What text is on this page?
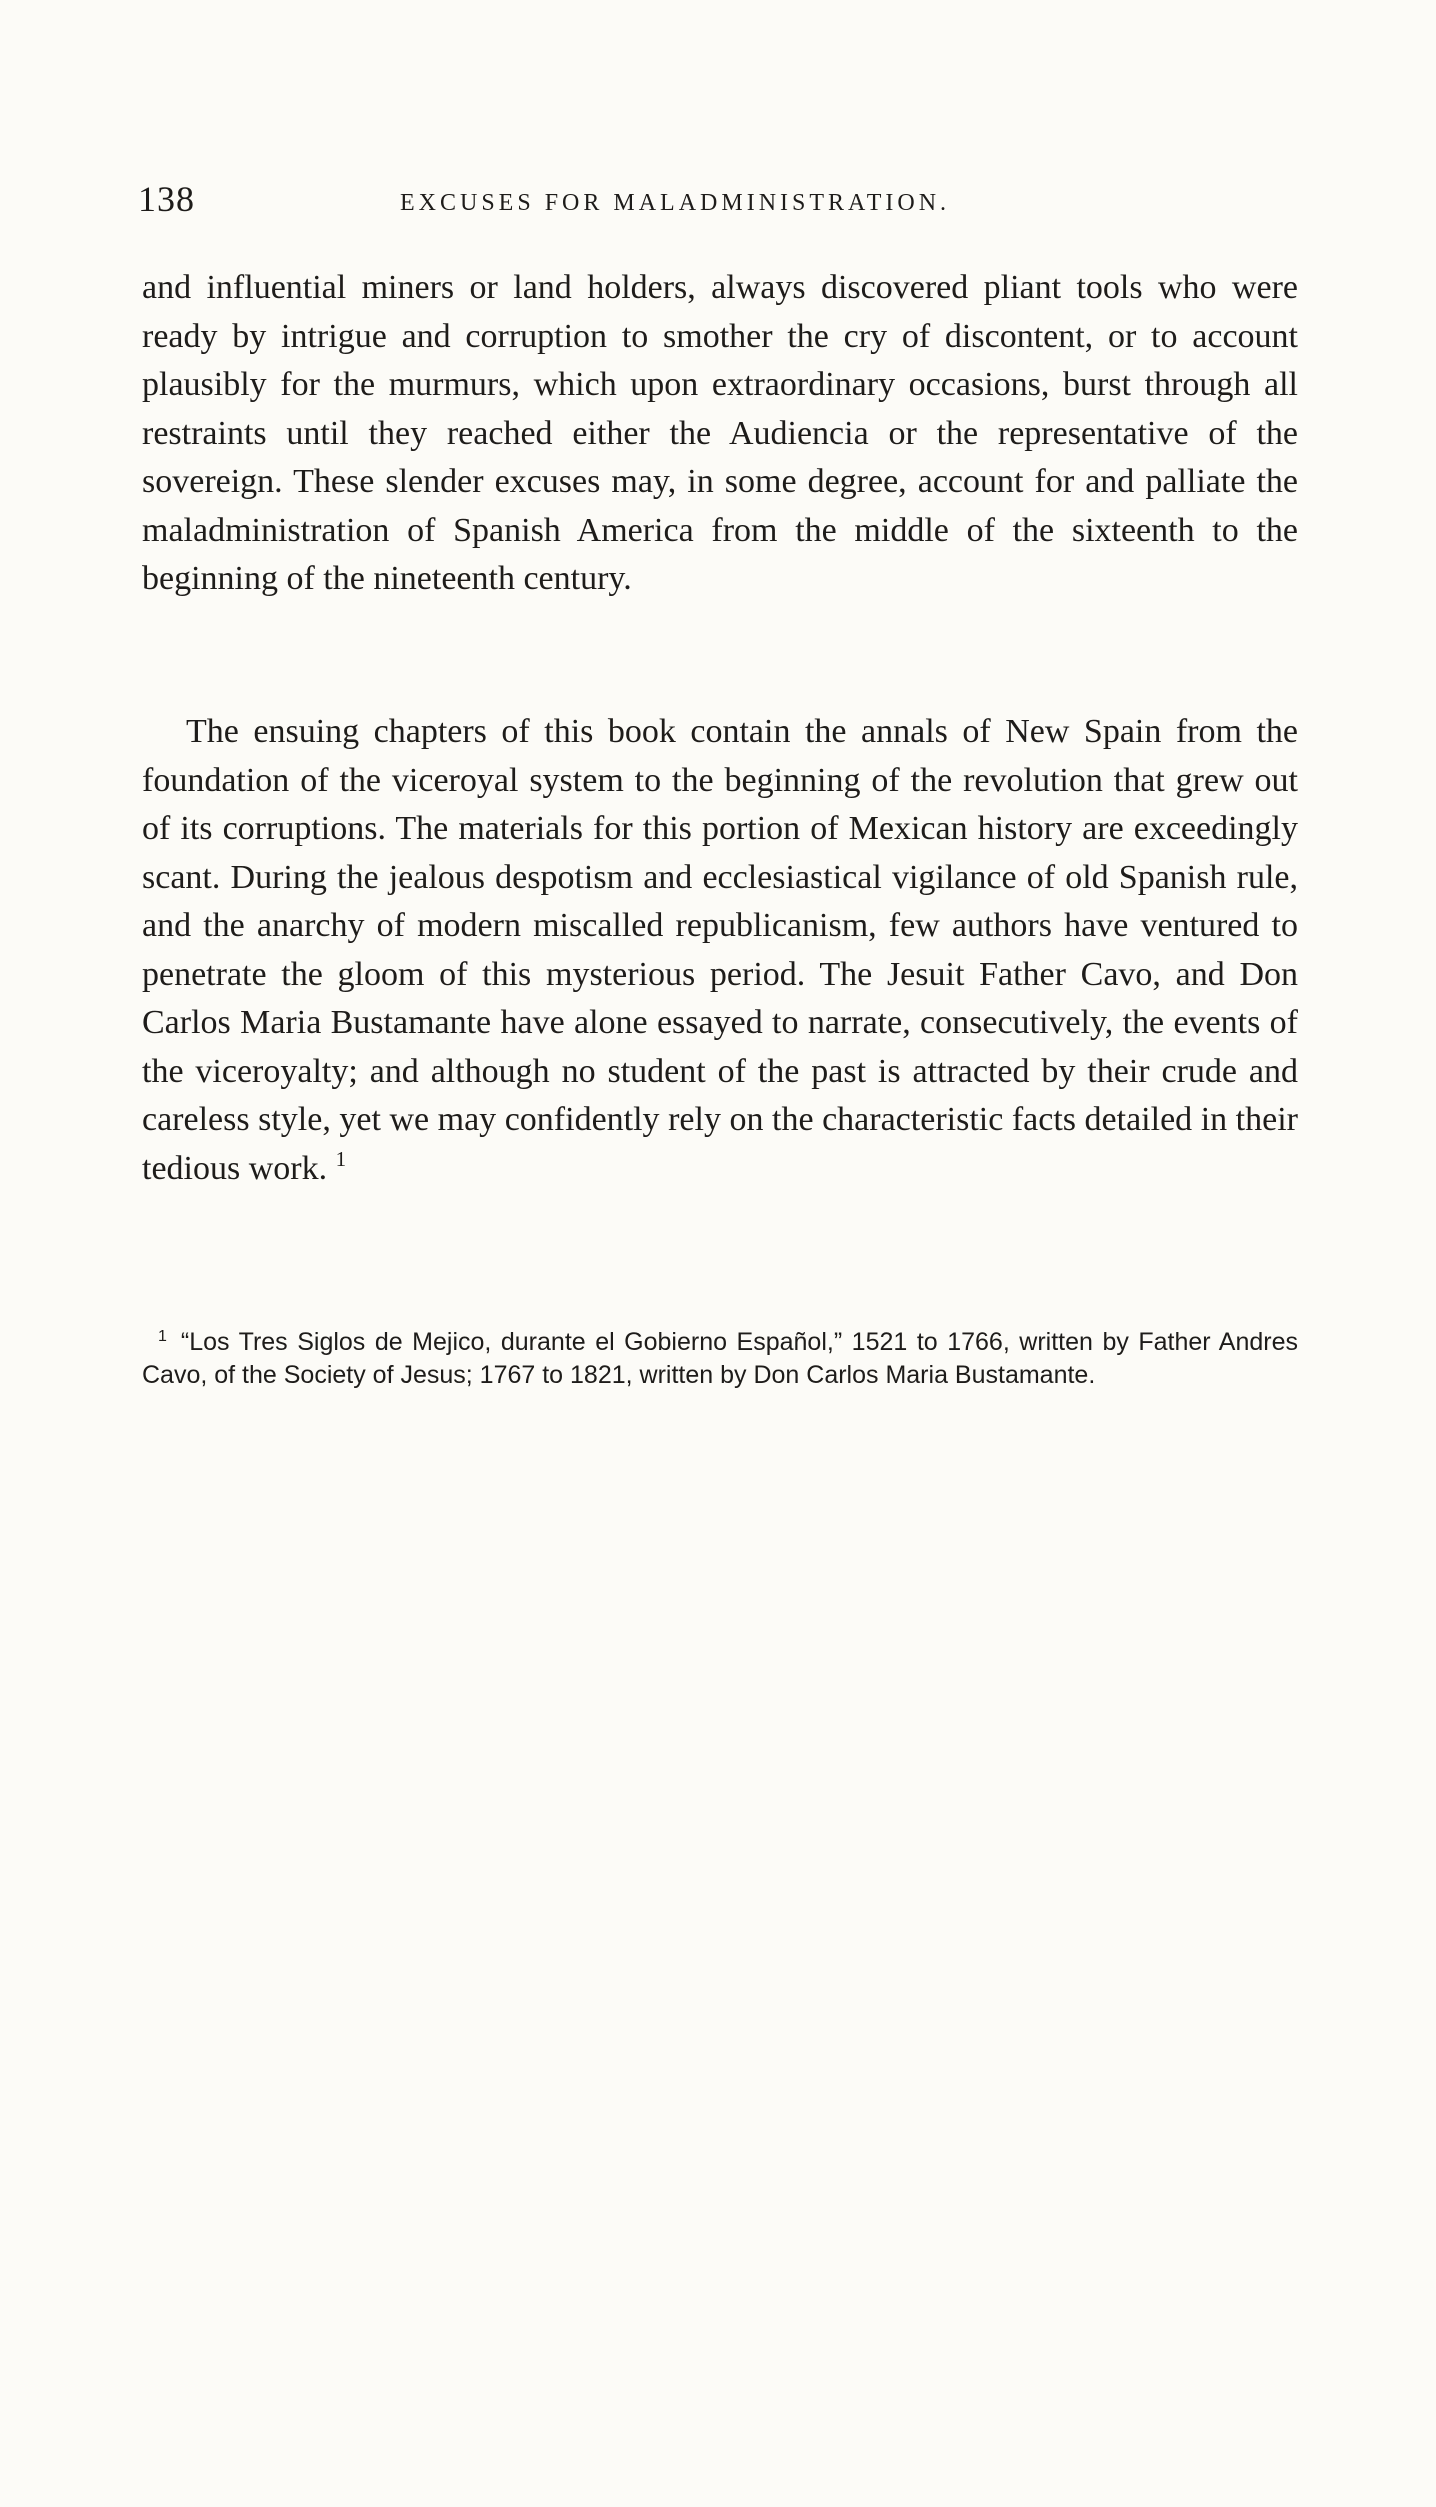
138	EXCUSES FOR MALADMINISTRATION.

and influential miners or land holders, always discovered pliant tools who were ready by intrigue and corruption to smother the cry of discontent, or to account plausibly for the murmurs, which upon extraordinary occasions, burst through all restraints until they reached either the Audiencia or the representative of the sovereign. These slender excuses may, in some degree, account for and palliate the maladministration of Spanish America from the middle of the sixteenth to the beginning of the nineteenth century.

The ensuing chapters of this book contain the annals of New Spain from the foundation of the viceroyal system to the beginning of the revolution that grew out of its corruptions. The materials for this portion of Mexican history are exceedingly scant. During the jealous despotism and ecclesiastical vigilance of old Spanish rule, and the anarchy of modern miscalled republicanism, few authors have ventured to penetrate the gloom of this mysterious period. The Jesuit Father Cavo, and Don Carlos Maria Bustamante have alone essayed to narrate, consecutively, the events of the viceroyalty; and although no student of the past is attracted by their crude and careless style, yet we may confidently rely on the characteristic facts detailed in their tedious work. $^1$

$^1$ “Los Tres Siglos de Mejico, durante el Gobierno Español,” 1521 to 1766, written by Father Andres Cavo, of the Society of Jesus; 1767 to 1821, written by Don Carlos Maria Bustamante.
